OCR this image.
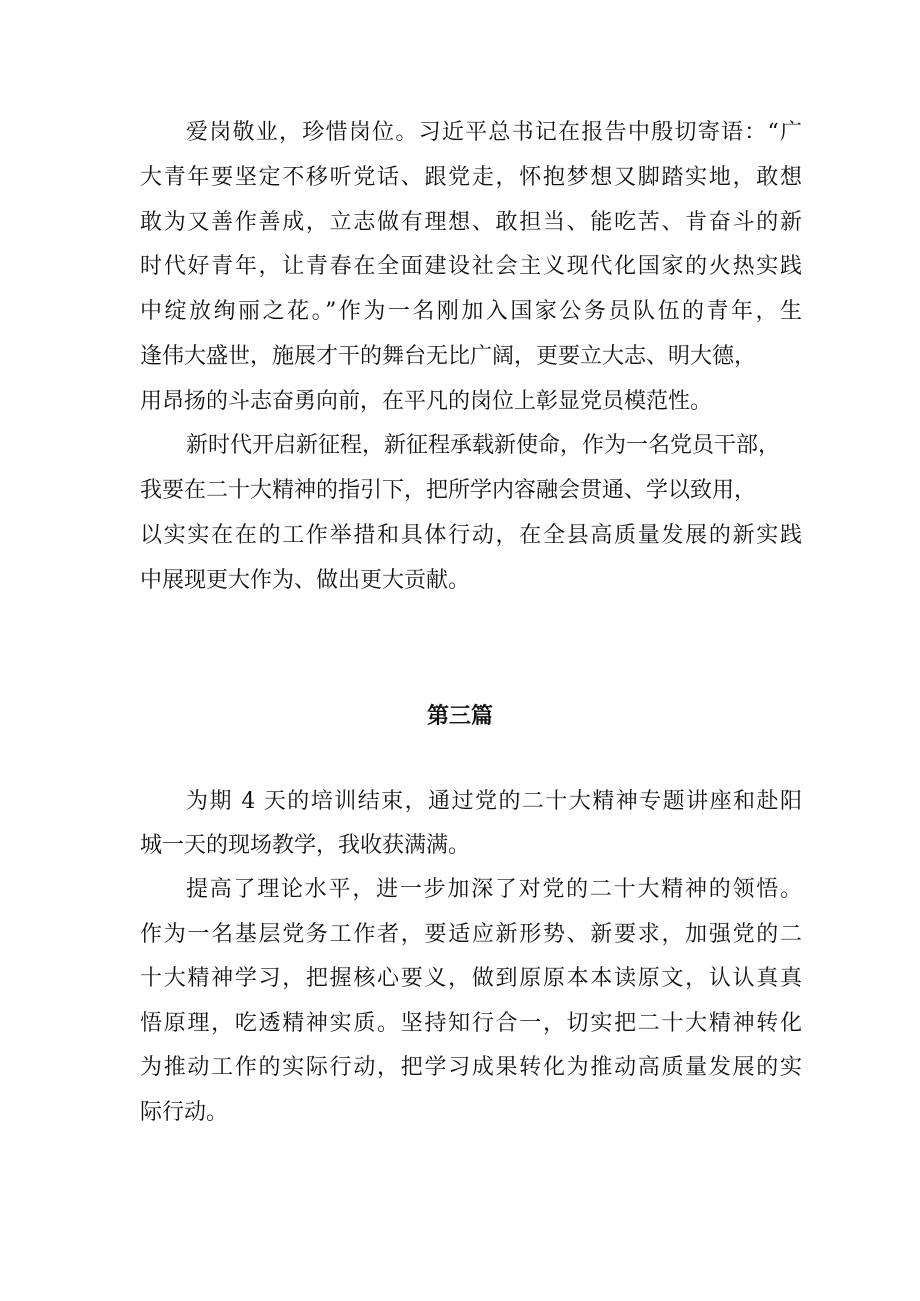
爱岗敬业，珍惜岗位。习近平总书记在报告中殷切寄语：“广
大青年要坚定不移听党话、跟党走，怀抱梦想又脚踏实地，敢想
敢为又善作善成，立志做有理想、敢担当、能吃苦、肯奋斗的新
时代好青年，让青春在全面建设社会主义现代化国家的火热实践
中绽放绚丽之花。”作为一名刚加入国家公务员队伍的青年，生
逢伟大盛世，施展才干的舞台无比广阔，更要立大志、明大德，
用昂扬的斗志奋勇向前，在平凡的岗位上彰显党员模范性。
新时代开启新征程，新征程承载新使命，作为一名党员干部，
我要在二十大精神的指引下，把所学内容融会贯通、学以致用，
以实实在在的工作举措和具体行动，在全县高质量发展的新实践
中展现更大作为、做出更大贡献。
第三篇
为期 4 天的培训结束，通过党的二十大精神专题讲座和赴阳
城一天的现场教学，我收获满满。
提高了理论水平，进一步加深了对党的二十大精神的领悟。
作为一名基层党务工作者，要适应新形势、新要求，加强党的二
十大精神学习，把握核心要义，做到原原本本读原文，认认真真
悟原理，吃透精神实质。坚持知行合一，切实把二十大精神转化
为推动工作的实际行动，把学习成果转化为推动高质量发展的实
际行动。
